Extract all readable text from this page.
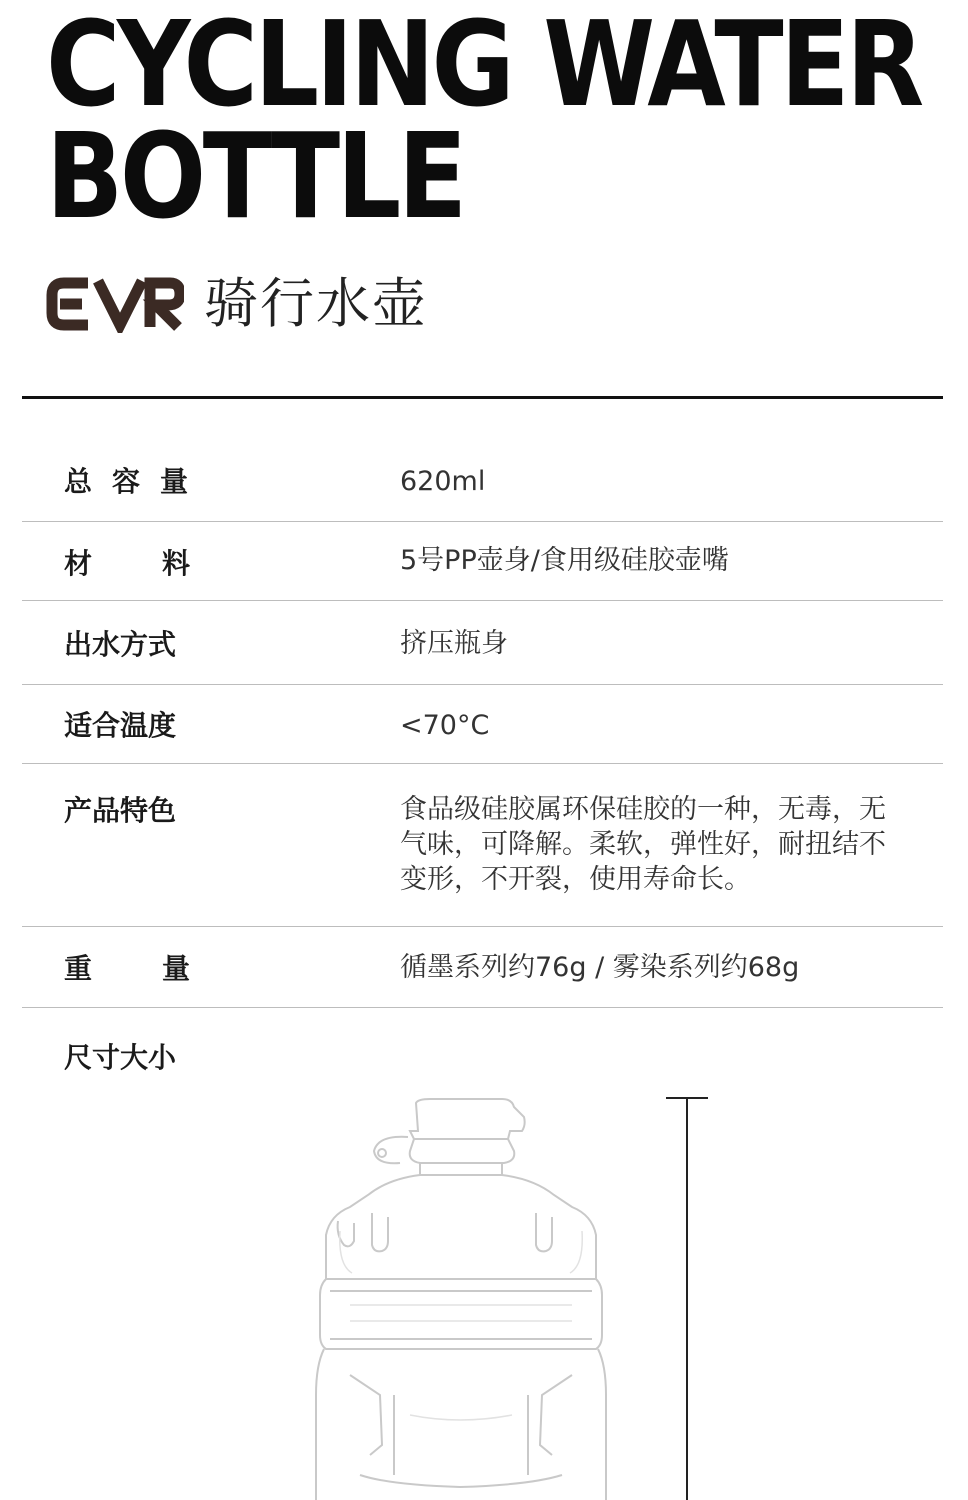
CYCLING WATER
BOTTLE
EVR	骑行水壶
总容量	620ml
材料	5号PP壶身/食用级硅胶壶嘴
出水方式	挤压瓶身
适合温度	<70°C
产品特色	食品级硅胶属环保硅胶的一种，无毒，无气味，可降解。柔软，弹性好，耐扭结不变形，不开裂，使用寿命长。
重量	循墨系列约76g / 雾染系列约68g
尺寸大小
